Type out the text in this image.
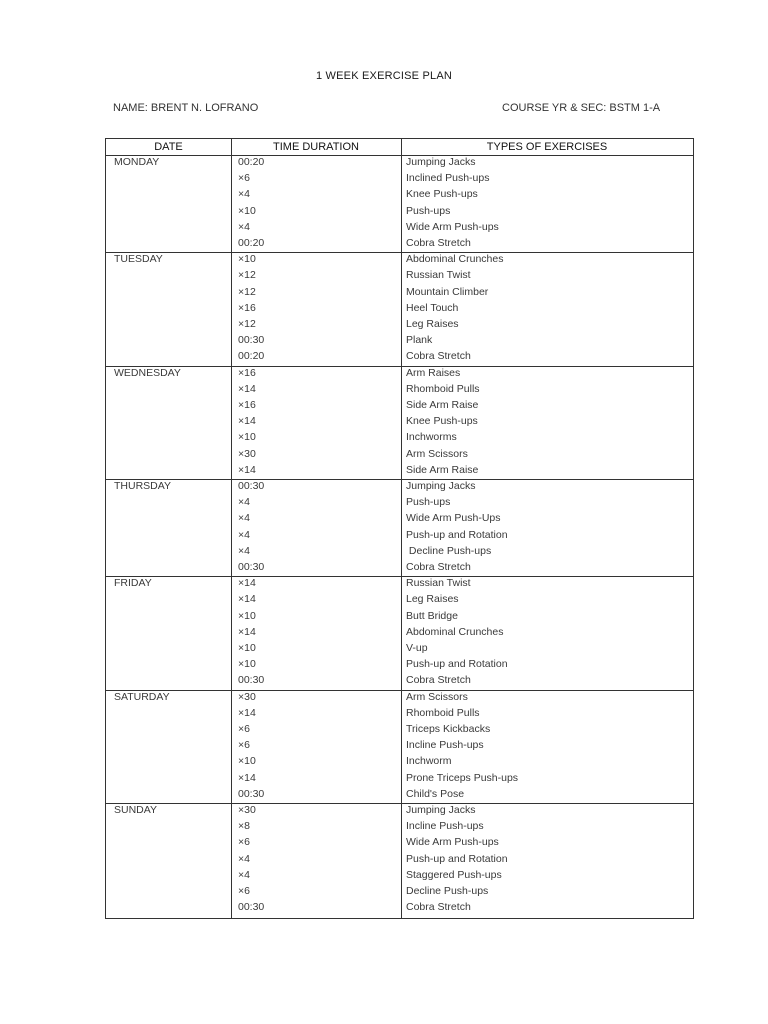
1 WEEK EXERCISE PLAN
NAME: BRENT N. LOFRANO	COURSE YR & SEC: BSTM 1-A
DATE	TIME DURATION	TYPES OF EXERCISES
MONDAY	00:20	Jumping Jacks
×6	Inclined Push-ups
×4	Knee Push-ups
×10	Push-ups
×4	Wide Arm Push-ups
00:20	Cobra Stretch
TUESDAY	×10	Abdominal Crunches
×12	Russian Twist
×12	Mountain Climber
×16	Heel Touch
×12	Leg Raises
00:30	Plank
00:20	Cobra Stretch
WEDNESDAY	×16	Arm Raises
×14	Rhomboid Pulls
×16	Side Arm Raise
×14	Knee Push-ups
×10	Inchworms
×30	Arm Scissors
×14	Side Arm Raise
THURSDAY	00:30	Jumping Jacks
×4	Push-ups
×4	Wide Arm Push-Ups
×4	Push-up and Rotation
×4	Decline Push-ups
00:30	Cobra Stretch
FRIDAY	×14	Russian Twist
×14	Leg Raises
×10	Butt Bridge
×14	Abdominal Crunches
×10	V-up
×10	Push-up and Rotation
00:30	Cobra Stretch
SATURDAY	×30	Arm Scissors
×14	Rhomboid Pulls
×6	Triceps Kickbacks
×6	Incline Push-ups
×10	Inchworm
×14	Prone Triceps Push-ups
00:30	Child's Pose
SUNDAY	×30	Jumping Jacks
×8	Incline Push-ups
×6	Wide Arm Push-ups
×4	Push-up and Rotation
×4	Staggered Push-ups
×6	Decline Push-ups
00:30	Cobra Stretch
